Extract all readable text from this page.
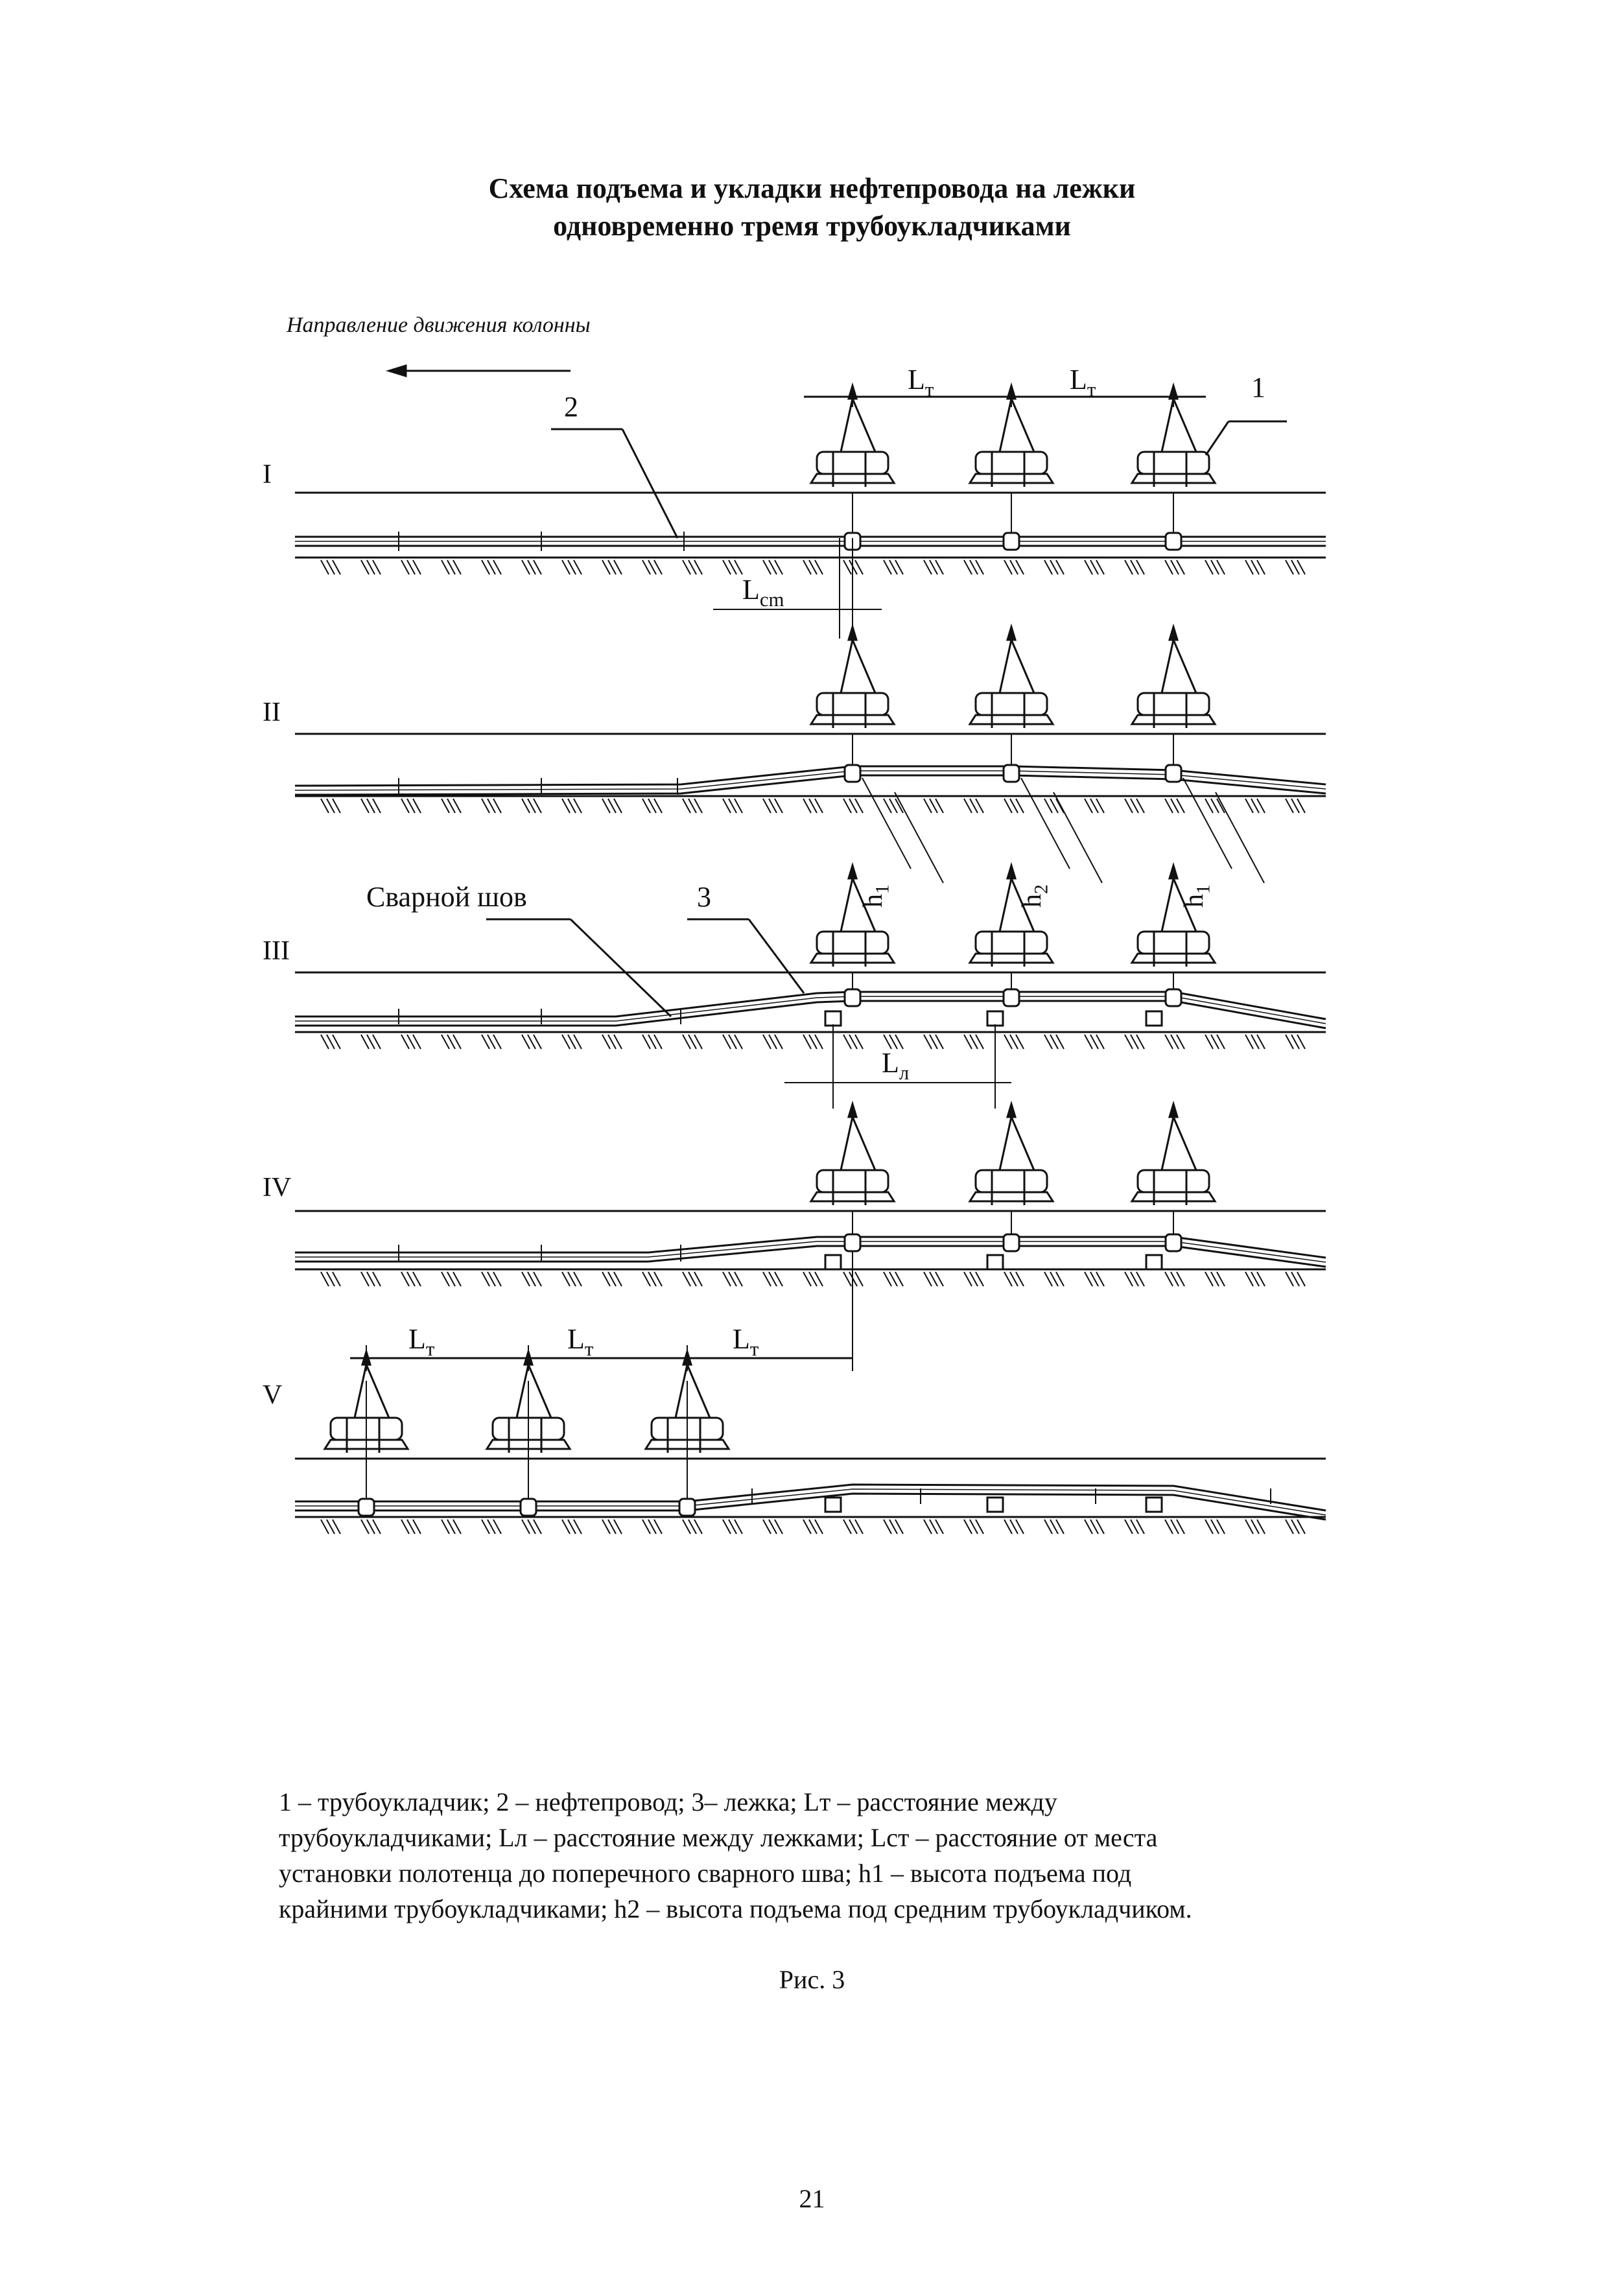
Схема подъема и укладки нефтепровода на лежки
одновременно тремя трубоукладчиками
I
$L_т$	$L_т$	1
2
$L_{cm}$
II
$h_1$
$h_2$
$h_1$
III
Сварной шов	3
$L_л$
IV
$L_т$	$L_т$	$L_т$
V
Направление движения колонны
1 – трубоукладчик; 2 – нефтепровод; 3– лежка; Lт – расстояние между
трубоукладчиками; Lл – расстояние между лежками; Lст – расстояние от места
установки полотенца до поперечного сварного шва; h1 – высота подъема под
крайними трубоукладчиками; h2 – высота подъема под средним трубоукладчиком.
Рис. 3
21
